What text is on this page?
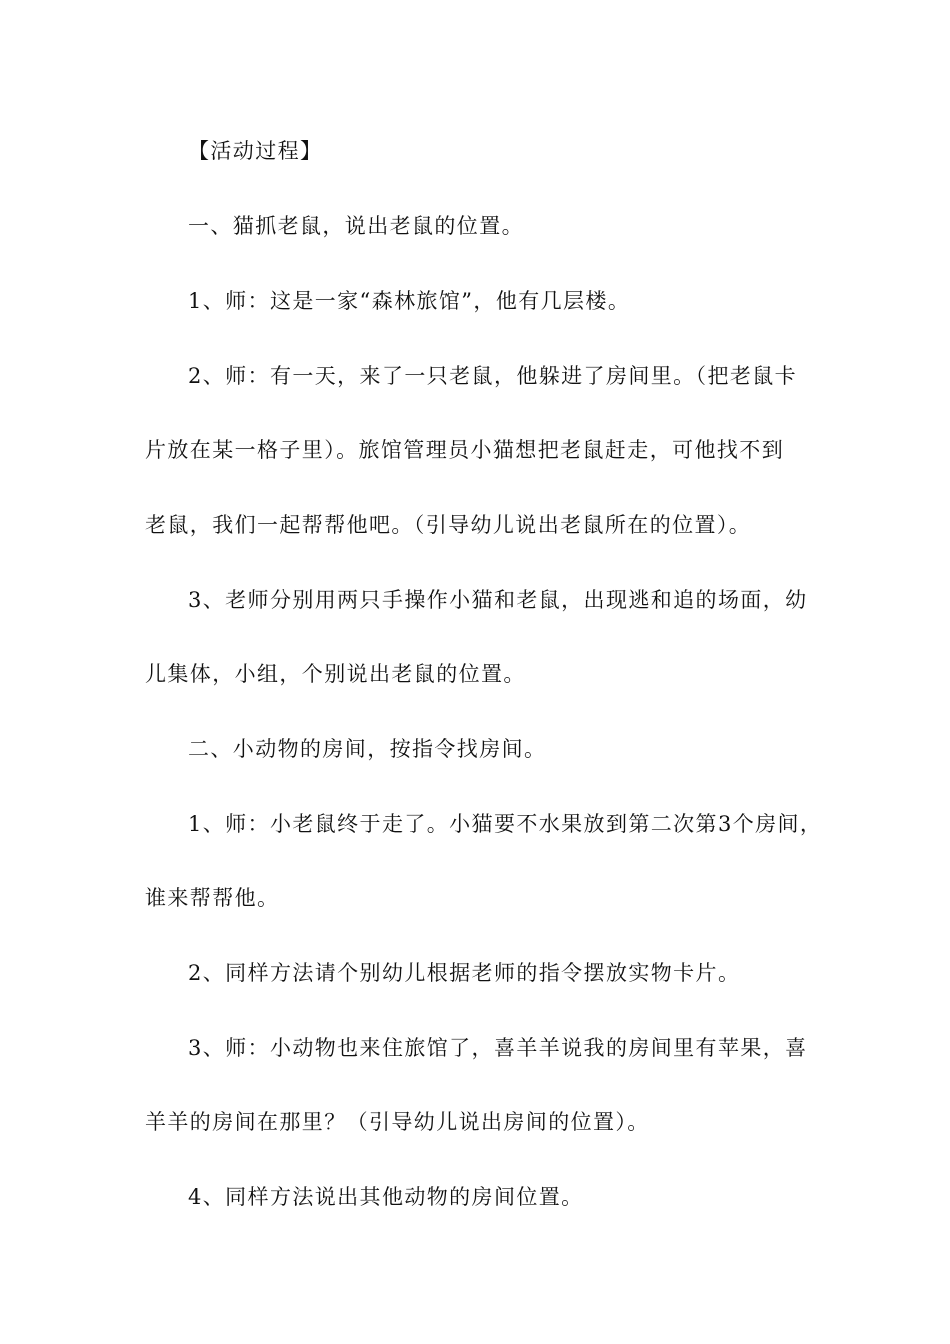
【活动过程】
一、猫抓老鼠，说出老鼠的位置。
1、师：这是一家“森林旅馆”，他有几层楼。
2、师：有一天，来了一只老鼠，他躲进了房间里。（把老鼠卡
片放在某一格子里）。旅馆管理员小猫想把老鼠赶走，可他找不到
老鼠，我们一起帮帮他吧。（引导幼儿说出老鼠所在的位置）。
3、老师分别用两只手操作小猫和老鼠，出现逃和追的场面，幼
儿集体，小组，个别说出老鼠的位置。
二、小动物的房间，按指令找房间。
1、师：小老鼠终于走了。小猫要不水果放到第二次第3个房间，
谁来帮帮他。
2、同样方法请个别幼儿根据老师的指令摆放实物卡片。
3、师：小动物也来住旅馆了，喜羊羊说我的房间里有苹果，喜
羊羊的房间在那里？（引导幼儿说出房间的位置）。
4、同样方法说出其他动物的房间位置。
